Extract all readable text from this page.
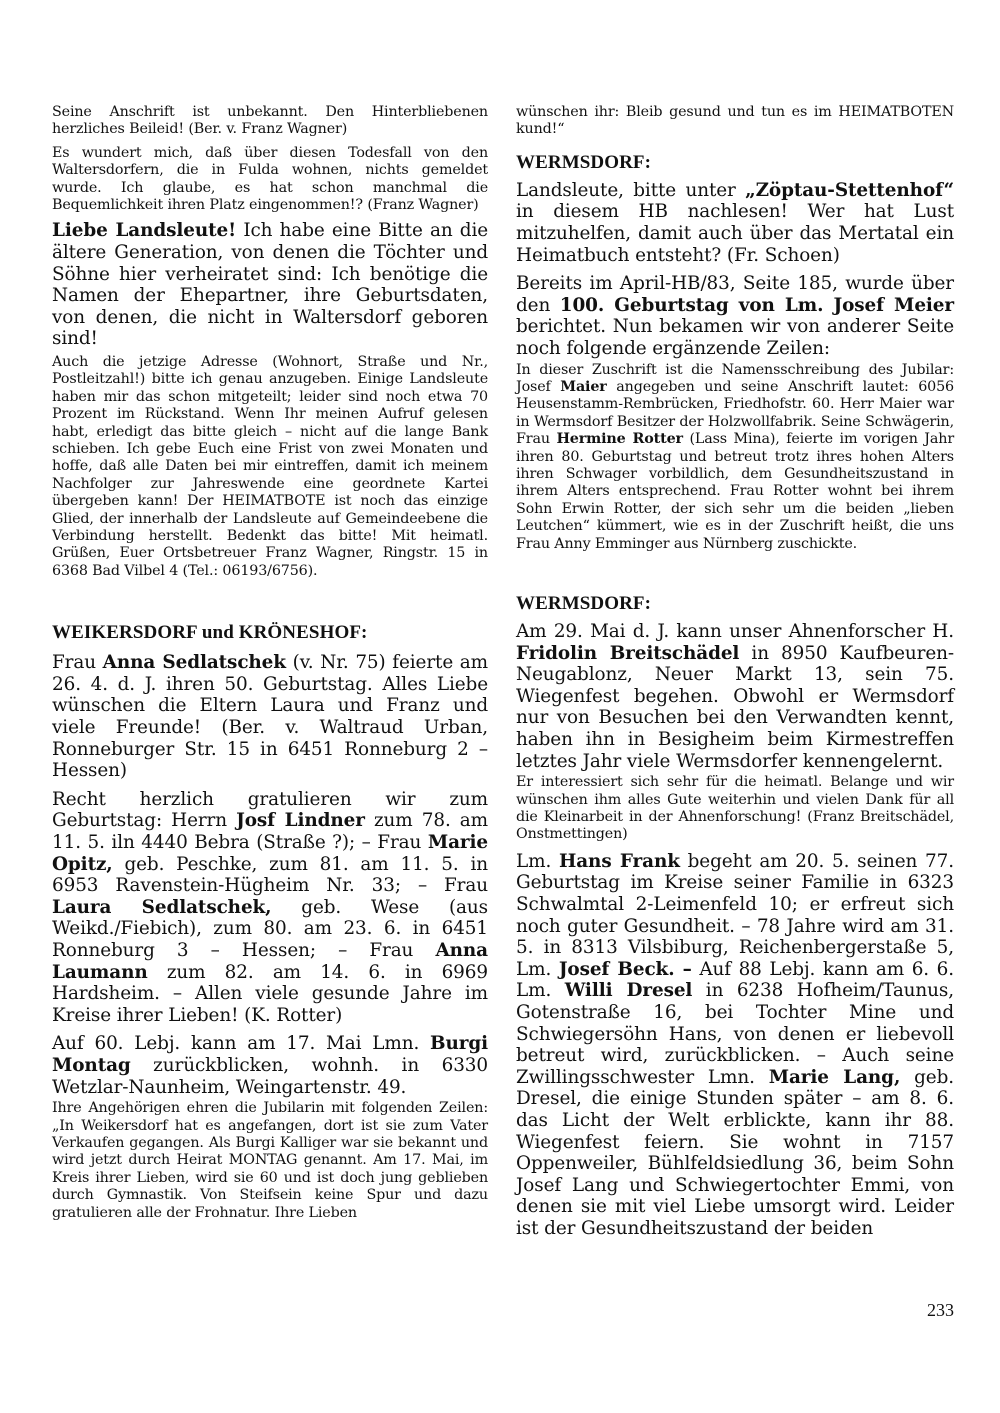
Seine Anschrift ist unbekannt. Den Hinterbliebenen herzliches Beileid! (Ber. v. Franz Wagner)

Es wundert mich, daß über diesen Todesfall von den Waltersdorfern, die in Fulda wohnen, nichts gemeldet wurde. Ich glaube, es hat schon manchmal die Bequemlichkeit ihren Platz eingenommen!? (Franz Wagner)

Liebe Landsleute! Ich habe eine Bitte an die ältere Generation, von denen die Töchter und Söhne hier verheiratet sind: Ich benötige die Namen der Ehepartner, ihre Geburtsdaten, von denen, die nicht in Waltersdorf geboren sind!

Auch die jetzige Adresse (Wohnort, Straße und Nr., Postleitzahl!) bitte ich genau anzugeben. Einige Landsleute haben mir das schon mitgeteilt; leider sind noch etwa 70 Prozent im Rückstand. Wenn Ihr meinen Aufruf gelesen habt, erledigt das bitte gleich – nicht auf die lange Bank schieben. Ich gebe Euch eine Frist von zwei Monaten und hoffe, daß alle Daten bei mir eintreffen, damit ich meinem Nachfolger zur Jahreswende eine geordnete Kartei übergeben kann! Der HEIMATBOTE ist noch das einzige Glied, der innerhalb der Landsleute auf Gemeindeebene die Verbindung herstellt. Bedenkt das bitte! Mit heimatl. Grüßen, Euer Ortsbetreuer Franz Wagner, Ringstr. 15 in 6368 Bad Vilbel 4 (Tel.: 06193/6756).

WEIKERSDORF und KRÖNESHOF:

Frau Anna Sedlatschek (v. Nr. 75) feierte am 26. 4. d. J. ihren 50. Geburtstag. Alles Liebe wünschen die Eltern Laura und Franz und viele Freunde! (Ber. v. Waltraud Urban, Ronneburger Str. 15 in 6451 Ronneburg 2 – Hessen)

Recht herzlich gratulieren wir zum Geburtstag: Herrn Josf Lindner zum 78. am 11. 5. iln 4440 Bebra (Straße ?); – Frau Marie Opitz, geb. Peschke, zum 81. am 11. 5. in 6953 Ravenstein-Hügheim Nr. 33; – Frau Laura Sedlatschek, geb. Wese (aus Weikd./Fiebich), zum 80. am 23. 6. in 6451 Ronneburg 3 – Hessen; – Frau Anna Laumann zum 82. am 14. 6. in 6969 Hardsheim. – Allen viele gesunde Jahre im Kreise ihrer Lieben! (K. Rotter)

Auf 60. Lebj. kann am 17. Mai Lmn. Burgi Montag zurückblicken, wohnh. in 6330 Wetzlar-Naunheim, Weingartenstr. 49.

Ihre Angehörigen ehren die Jubilarin mit folgenden Zeilen: „In Weikersdorf hat es angefangen, dort ist sie zum Vater Verkaufen gegangen. Als Burgi Kalliger war sie bekannt und wird jetzt durch Heirat MONTAG genannt. Am 17. Mai, im Kreis ihrer Lieben, wird sie 60 und ist doch jung geblieben durch Gymnastik. Von Steifsein keine Spur und dazu gratulieren alle der Frohnatur. Ihre Lieben

wünschen ihr: Bleib gesund und tun es im HEIMATBOTEN kund!“

WERMSDORF:

Landsleute, bitte unter „Zöptau-Stettenhof“ in diesem HB nachlesen! Wer hat Lust mitzuhelfen, damit auch über das Mertatal ein Heimatbuch entsteht? (Fr. Schoen)

Bereits im April-HB/83, Seite 185, wurde über den 100. Geburtstag von Lm. Josef Meier berichtet. Nun bekamen wir von anderer Seite noch folgende ergänzende Zeilen:

In dieser Zuschrift ist die Namensschreibung des Jubilar: Josef Maier angegeben und seine Anschrift lautet: 6056 Heusenstamm-Rembrücken, Friedhofstr. 60. Herr Maier war in Wermsdorf Besitzer der Holzwollfabrik. Seine Schwägerin, Frau Hermine Rotter (Lass Mina), feierte im vorigen Jahr ihren 80. Geburtstag und betreut trotz ihres hohen Alters ihren Schwager vorbildlich, dem Gesundheitszustand in ihrem Alters entsprechend. Frau Rotter wohnt bei ihrem Sohn Erwin Rotter, der sich sehr um die beiden „lieben Leutchen“ kümmert, wie es in der Zuschrift heißt, die uns Frau Anny Emminger aus Nürnberg zuschickte.

WERMSDORF:

Am 29. Mai d. J. kann unser Ahnenforscher H. Fridolin Breitschädel in 8950 Kaufbeuren-Neugablonz, Neuer Markt 13, sein 75. Wiegenfest begehen. Obwohl er Wermsdorf nur von Besuchen bei den Verwandten kennt, haben ihn in Besigheim beim Kirmestreffen letztes Jahr viele Wermsdorfer kennengelernt.

Er interessiert sich sehr für die heimatl. Belange und wir wünschen ihm alles Gute weiterhin und vielen Dank für all die Kleinarbeit in der Ahnenforschung! (Franz Breitschädel, Onstmettingen)

Lm. Hans Frank begeht am 20. 5. seinen 77. Geburtstag im Kreise seiner Familie in 6323 Schwalmtal 2-Leimenfeld 10; er erfreut sich noch guter Gesundheit. – 78 Jahre wird am 31. 5. in 8313 Vilsbiburg, Reichenbergerstaße 5, Lm. Josef Beck. – Auf 88 Lebj. kann am 6. 6. Lm. Willi Dresel in 6238 Hofheim/Taunus, Gotenstraße 16, bei Tochter Mine und Schwiegersöhn Hans, von denen er liebevoll betreut wird, zurückblicken. – Auch seine Zwillingsschwester Lmn. Marie Lang, geb. Dresel, die einige Stunden später – am 8. 6. das Licht der Welt erblickte, kann ihr 88. Wiegenfest feiern. Sie wohnt in 7157 Oppenweiler, Bühlfeldsiedlung 36, beim Sohn Josef Lang und Schwiegertochter Emmi, von denen sie mit viel Liebe umsorgt wird. Leider ist der Gesundheitszustand der beiden

233
